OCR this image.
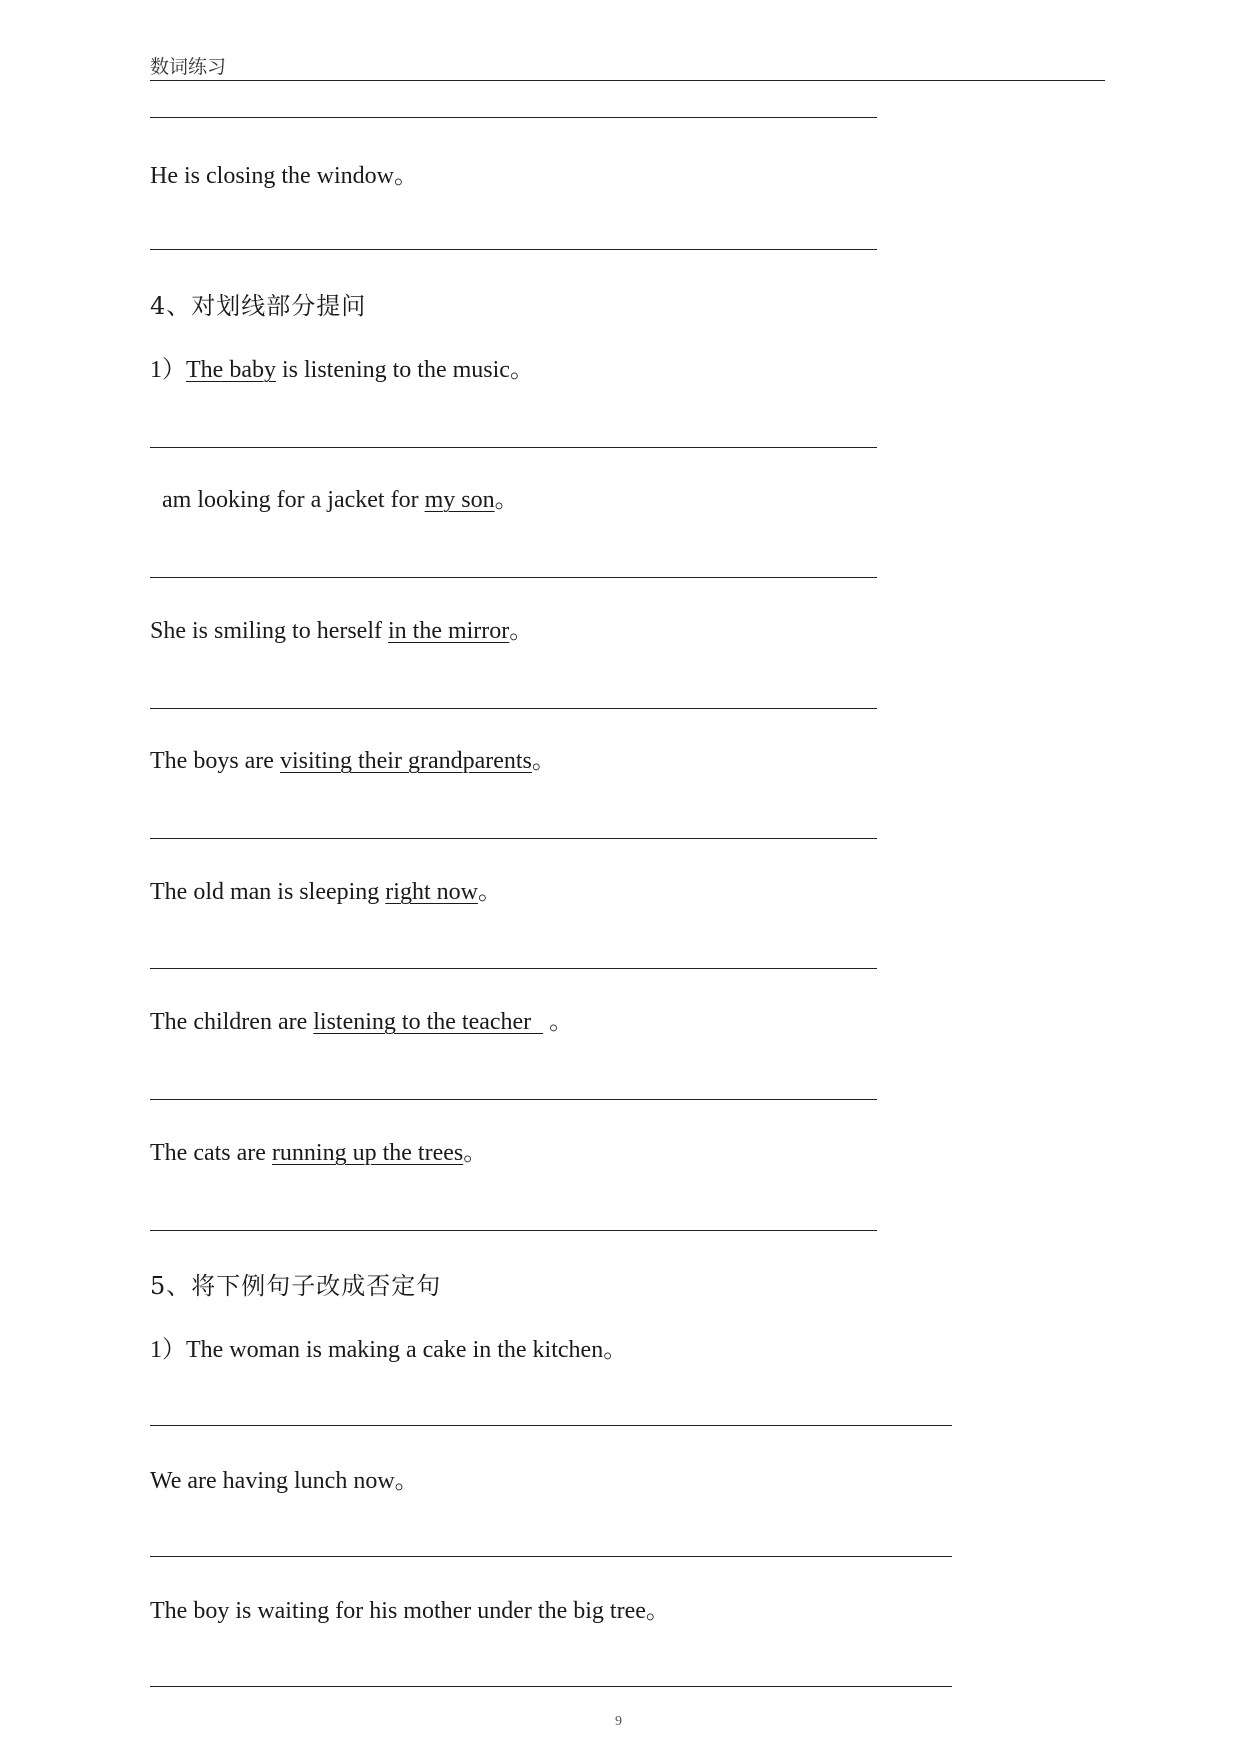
数词练习
He is closing the window。
4、对划线部分提问
1）The baby is listening to the music。
am looking for a jacket for my son。
She is smiling to herself in the mirror。
The boys are visiting their grandparents。
The old man is sleeping right now。
The children are listening to the teacher   。
The cats are running up the trees。
5、将下例句子改成否定句
1）The woman is making a cake in the kitchen。
We are having lunch now。
The boy is waiting for his mother under the big tree。
9
